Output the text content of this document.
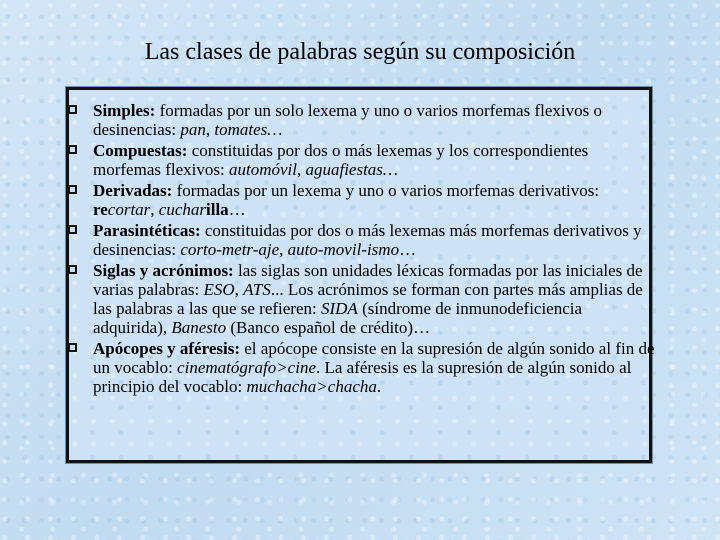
Las clases de palabras según su composición
Simples: formadas por un solo lexema y uno o varios morfemas flexivos o desinencias: pan, tomates…
Compuestas: constituidas por dos o más lexemas y los correspondientes morfemas flexivos: automóvil, aguafiestas…
Derivadas: formadas por un lexema y uno o varios morfemas derivativos: recortar, cucharilla…
Parasintéticas: constituidas por dos o más lexemas más morfemas derivativos y desinencias: corto-metr-aje, auto-movil-ismo…
Siglas y acrónimos: las siglas son unidades léxicas formadas por las iniciales de varias palabras: ESO, ATS... Los acrónimos se forman con partes más amplias de las palabras a las que se refieren: SIDA (síndrome de inmunodeficiencia adquirida), Banesto (Banco español de crédito)…
Apócopes y aféresis: el apócope consiste en la supresión de algún sonido al fin de un vocablo: cinematógrafo>cine. La aféresis es la supresión de algún sonido al principio del vocablo: muchacha>chacha.
